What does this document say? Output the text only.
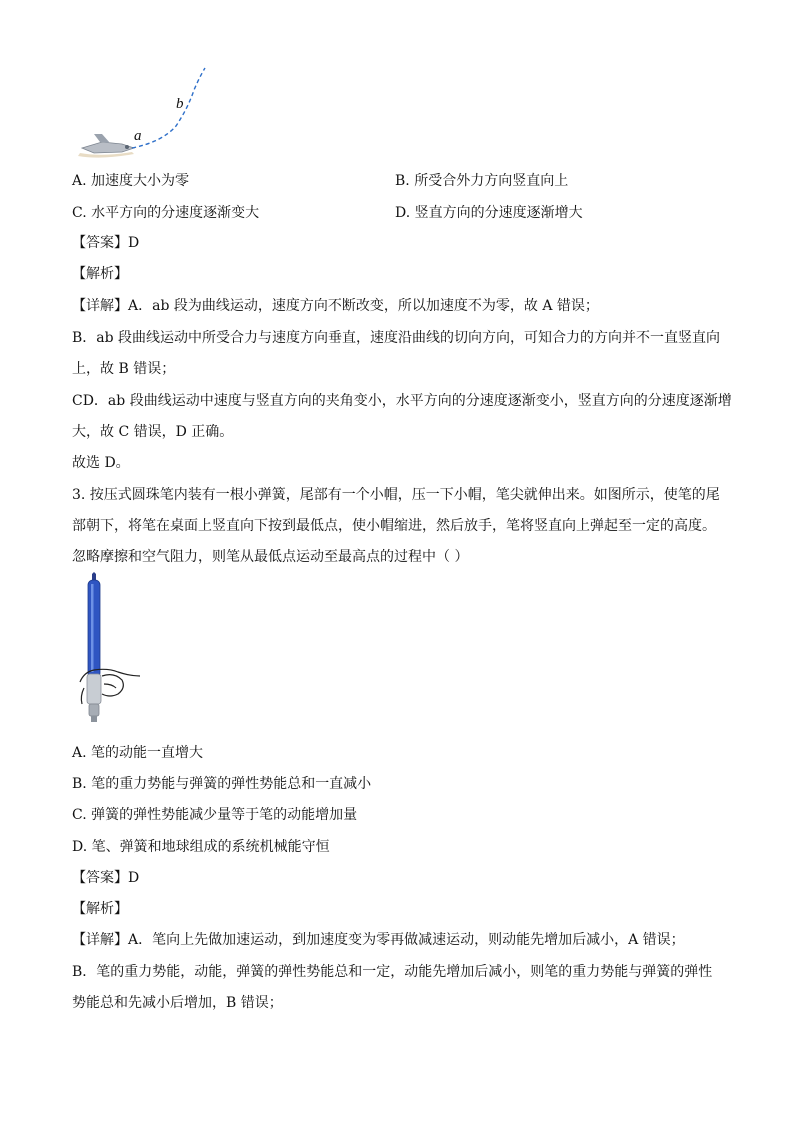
a
b
A. 加速度大小为零	B. 所受合外力方向竖直向上
C. 水平方向的分速度逐渐变大	D. 竖直方向的分速度逐渐增大
【答案】D
【解析】
【详解】A．ab 段为曲线运动，速度方向不断改变，所以加速度不为零，故 A 错误；
B．ab 段曲线运动中所受合力与速度方向垂直，速度沿曲线的切向方向，可知合力的方向并不一直竖直向
上，故 B 错误；
CD．ab 段曲线运动中速度与竖直方向的夹角变小，水平方向的分速度逐渐变小，竖直方向的分速度逐渐增
大，故 C 错误，D 正确。
故选 D。
3. 按压式圆珠笔内装有一根小弹簧，尾部有一个小帽，压一下小帽，笔尖就伸出来。如图所示，使笔的尾
部朝下，将笔在桌面上竖直向下按到最低点，使小帽缩进，然后放手，笔将竖直向上弹起至一定的高度。
忽略摩擦和空气阻力，则笔从最低点运动至最高点的过程中（ ）
A. 笔的动能一直增大
B. 笔的重力势能与弹簧的弹性势能总和一直减小
C. 弹簧的弹性势能减少量等于笔的动能增加量
D. 笔、弹簧和地球组成的系统机械能守恒
【答案】D
【解析】
【详解】A．笔向上先做加速运动，到加速度变为零再做减速运动，则动能先增加后减小，A 错误；
B．笔的重力势能，动能，弹簧的弹性势能总和一定，动能先增加后减小，则笔的重力势能与弹簧的弹性
势能总和先减小后增加，B 错误；
